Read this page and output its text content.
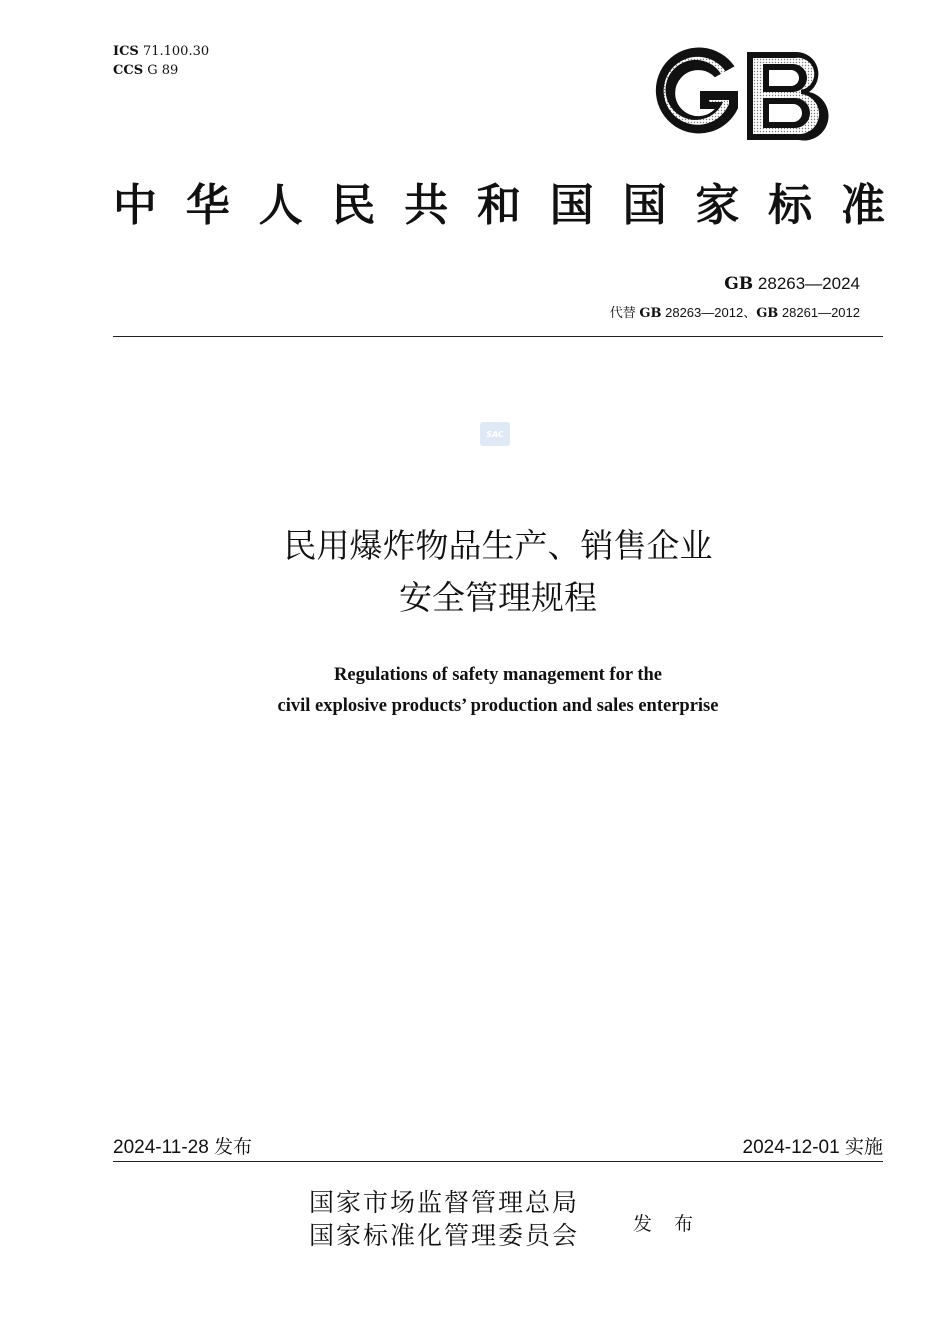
ICS 71.100.30
CCS G 89
中 华 人 民 共 和 国 国 家 标 准
GB 28263—2024
代替 GB 28263—2012、GB 28261—2012
SAC
民用爆炸物品生产、销售企业
安全管理规程
Regulations of safety management for the
civil explosive products’ production and sales enterprise
2024-11-28 发布	2024-12-01 实施
国家市场监督管理总局
国家标准化管理委员会	发 布
